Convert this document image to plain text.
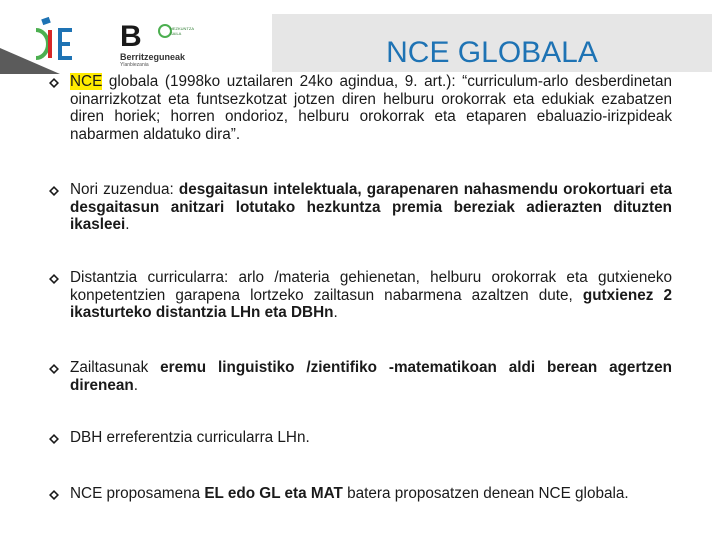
B	HEZKUNTZA SAILA
Berritzeguneak
Ylanbiezania	NCE GLOBALA
NCE globala (1998ko uztailaren 24ko agindua, 9. art.): “curriculum-arlo desberdinetan oinarrizkotzat eta funtsezkotzat jotzen diren helburu orokorrak eta edukiak ezabatzen diren horiek; horren ondorioz, helburu orokorrak eta etaparen ebaluazio-irizpideak nabarmen aldatuko dira”.
Nori zuzendua: desgaitasun intelektuala, garapenaren nahasmendu orokortuari eta desgaitasun anitzari lotutako hezkuntza premia bereziak adierazten dituzten ikasleei.
Distantzia curricularra: arlo /materia gehienetan, helburu orokorrak eta gutxieneko konpetentzien garapena lortzeko zailtasun nabarmena azaltzen dute, gutxienez 2 ikasturteko distantzia LHn eta DBHn.
Zailtasunak eremu linguistiko /zientifiko -matematikoan aldi berean agertzen direnean.
DBH erreferentzia curricularra LHn.
NCE proposamena EL edo GL eta MAT batera proposatzen denean NCE globala.
